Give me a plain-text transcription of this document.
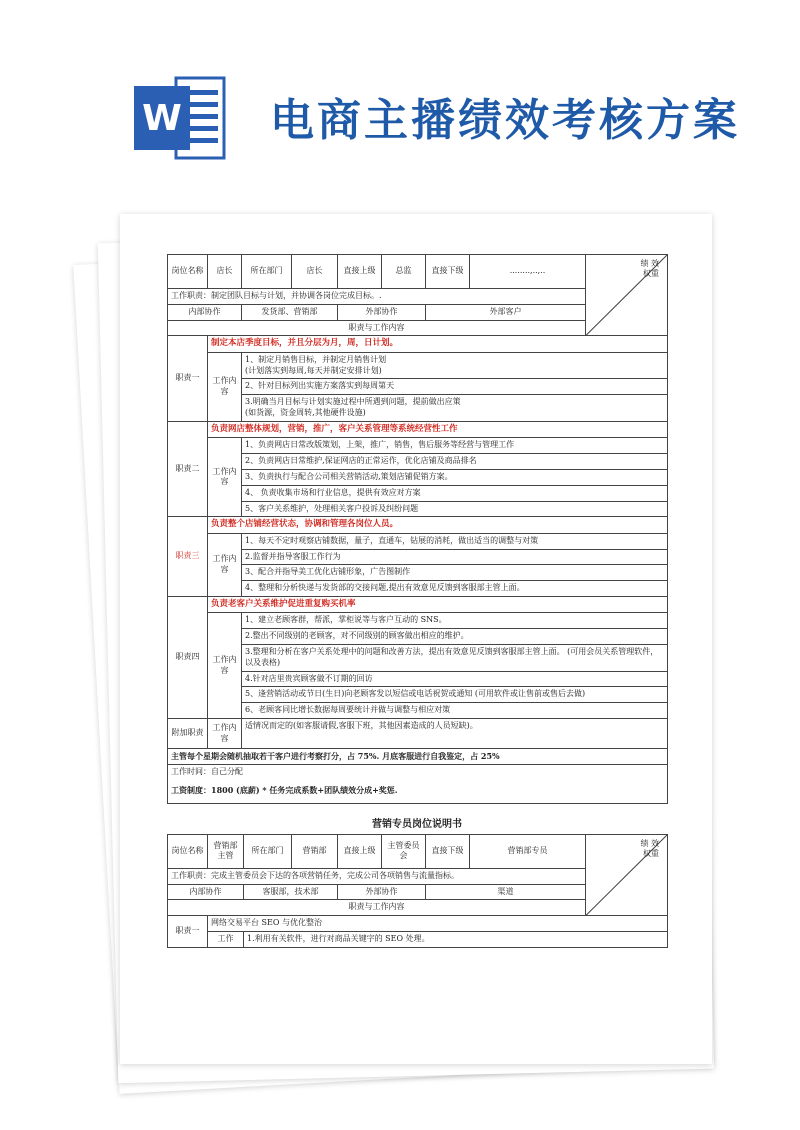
W 电商主播绩效考核方案
岗位名称	店长	所在部门	店长	直接上级	总监	直接下级	........,..,..	绩 效
权重

工作职责：制定团队目标与计划，并协调各岗位完成目标。.								
内部协作		发货部、营销部		外部协作		外部客户		
职责与工作内容								
职责一	制定本店季度目标，并且分层为月，周，日计划。							
	工作内容	1、制定月销售目标，并制定月销售计划
(计划落实到每周,每天并制定安排计划)						
		2、针对目标列出实施方案落实到每周第天						
		3.明确当月目标与计划实施过程中所遇到问题，提前做出应策
(如货源，资金周转,其他硬件设施)						
职责二	负责网店整体规划，营销，推广，客户关系管理等系统经营性工作							
	工作内容	1、负责网店日常改版策划，上架，推广，销售，售后服务等经营与管理工作						
		2、负责网店日常维护,保证网店的正常运作，优化店铺及商品排名						
		3、负责执行与配合公司相关营销活动,策划店铺促销方案。						
		4、 负责收集市场和行业信息，提供有效应对方案						
		5、客户关系维护，处理相关客户投诉及纠纷问题						
职责三	负责整个店铺经营状态，协调和管理各岗位人员。							
	工作内容	1、每天不定时观察店铺数据，量子，直通车，钻展的消耗，做出适当的调整与对策						
		2.监督并指导客服工作行为						
		3、配合并指导美工优化店铺形象，广告图制作						
		4、整理和分析快递与发货部的交接问题,提出有效意见反馈到客服部主管上面。						
职责四	负责老客户关系维护促进重复购买机率							
	工作内容	1、建立老顾客群，帮派，掌柜说等与客户互动的 SNS。						
		2.整出不同级别的老顾客，对不同级别的顾客做出相应的维护。						
		3.整理和分析在客户关系处理中的问题和改善方法，提出有效意见反馈到客服部主管上面。 (可用会员关系管理软件，以及表格)						
		4.针对店里贵宾顾客做不订期的回访						
		5、逢营销活动或节日(生日)向老顾客发以短信或电话祝贺或通知 (可用软件或让售前或售后去做)						
		6、老顾客同比增长数据每周要统计并做与调整与相应对策						
附加职责	工作内容	适情况而定的(如客服请假,客服下班，其他因素造成的人员短缺)。						
主管每个星期会随机抽取若干客户进行考察打分，占 75%. 月底客服进行自我鉴定，占 25%								
工作时间：自己分配								
工资制度：1800 (底薪) * 任务完成系数+团队绩效分成+奖惩.								
营销专员岗位说明书
岗位名称	营销部主管	所在部门	营销部	直接上级	主管委员会	直接下级	营销部专员	绩 效
权重

工作职责：完成主管委员会下达的各项营销任务，完成公司各项销售与流量指标。								
内部协作		客服部，技术部		外部协作		渠道		
职责与工作内容								
职责一	网络交易平台 SEO 与优化整治							
	工作	1.利用有关软件，进行对商品关键字的 SEO 处理。						
